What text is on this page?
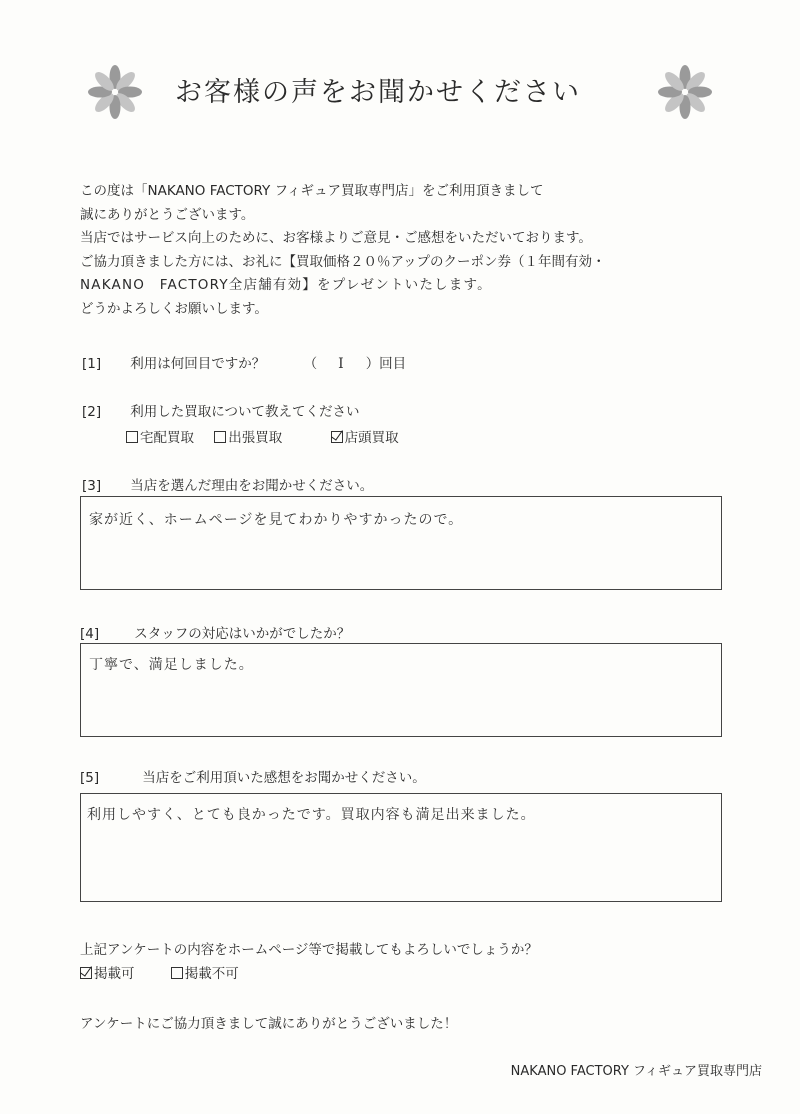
お客様の声をお聞かせください
この度は「NAKANO FACTORY フィギュア買取専門店」をご利用頂きまして
誠にありがとうございます。
当店ではサービス向上のために、お客様よりご意見・ご感想をいただいております。
ご協力頂きました方には、お礼に【買取価格２０％アップのクーポン券（１年間有効・
NAKANO　FACTORY全店舗有効】をプレゼントいたします。
どうかよろしくお願いします。
[1] 利用は何回目ですか？	（ I ）回目
[2] 利用した買取について教えてください
宅配買取	出張買取	店頭買取
[3] 当店を選んだ理由をお聞かせください。
家が近く、ホームページを見てわかりやすかったので。
[4]	スタッフの対応はいかがでしたか？
丁寧で、満足しました。
[5]	当店をご利用頂いた感想をお聞かせください。
利用しやすく、とても良かったです。買取内容も満足出来ました。
上記アンケートの内容をホームページ等で掲載してもよろしいでしょうか？
掲載可	掲載不可
アンケートにご協力頂きまして誠にありがとうございました！
NAKANO FACTORY フィギュア買取専門店
